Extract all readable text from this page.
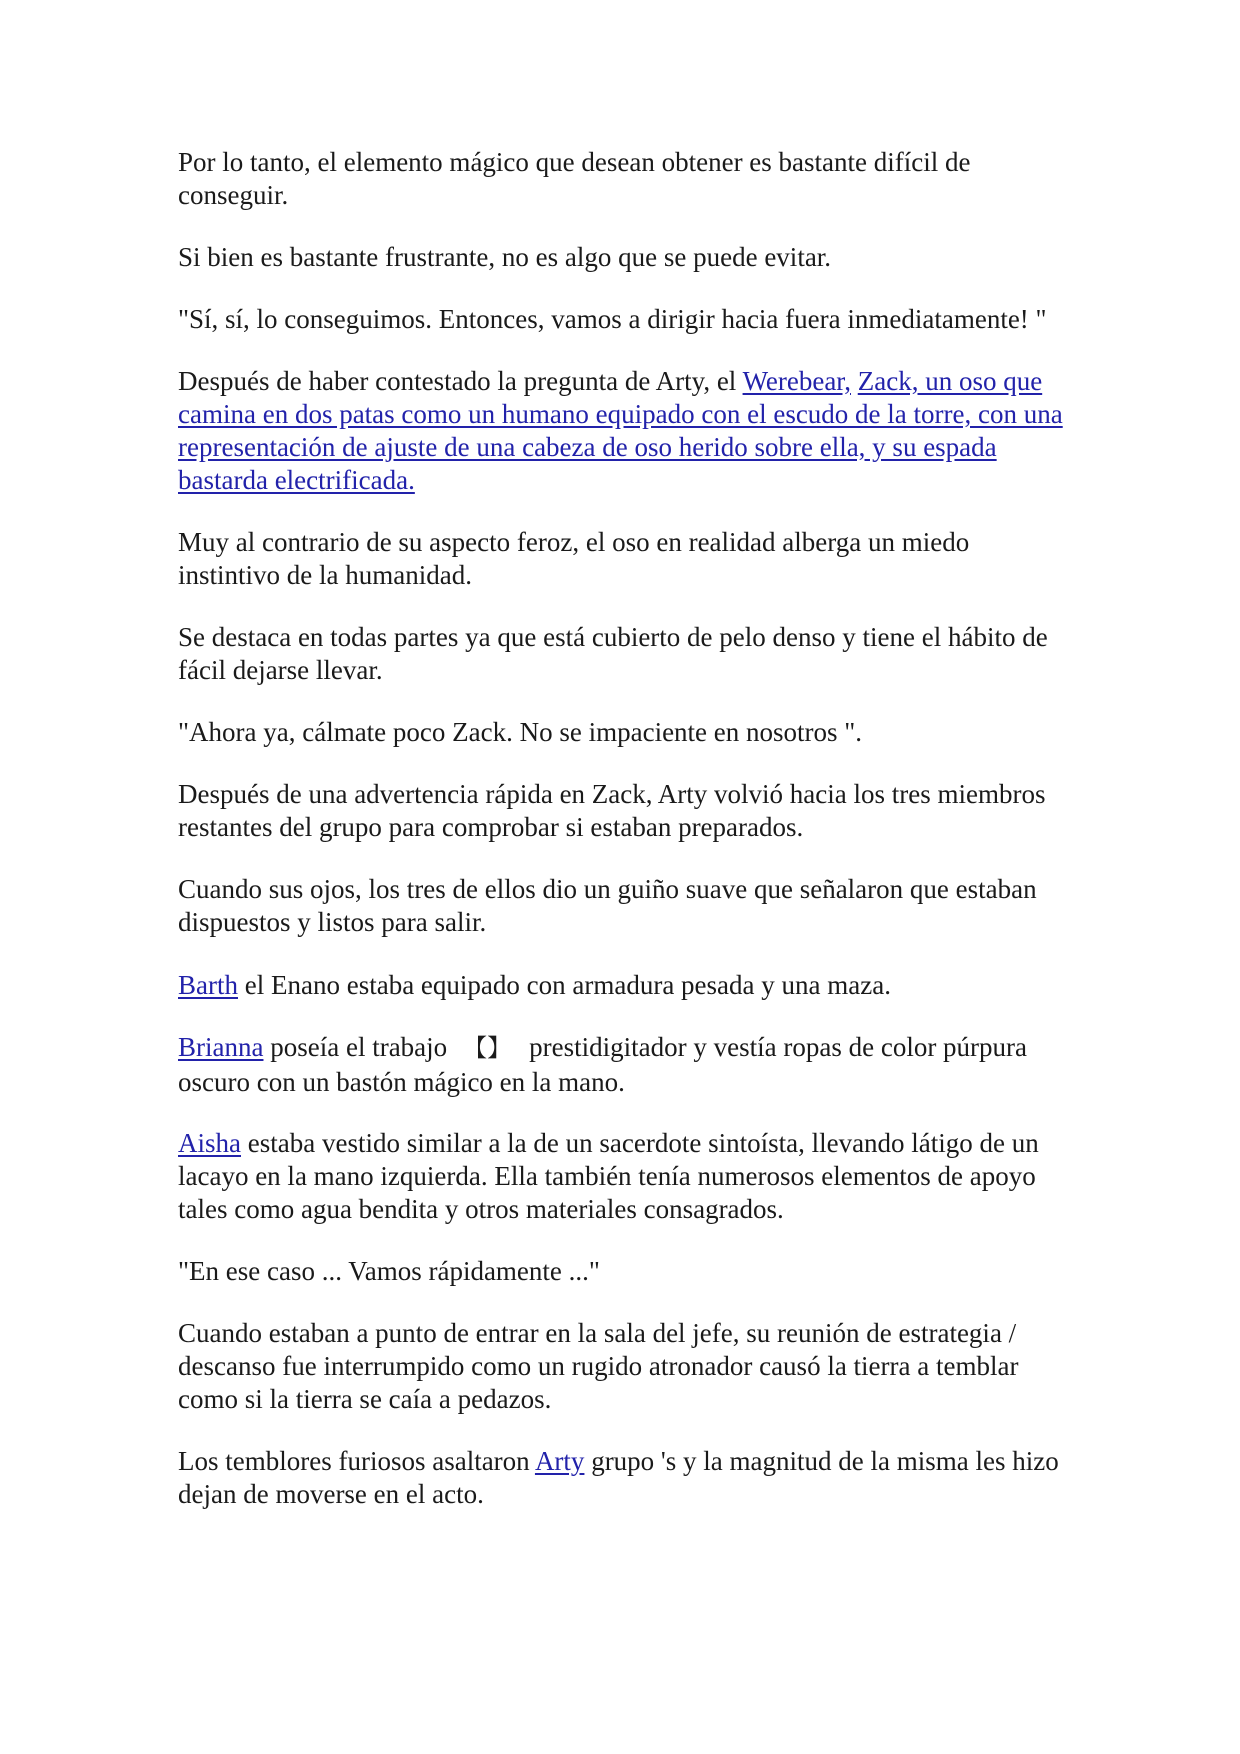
Por lo tanto, el elemento mágico que desean obtener es bastante difícil de conseguir.

Si bien es bastante frustrante, no es algo que se puede evitar.

"Sí, sí, lo conseguimos. Entonces, vamos a dirigir hacia fuera inmediatamente! "

Después de haber contestado la pregunta de Arty, el Werebear, Zack, un oso que camina en dos patas como un humano equipado con el escudo de la torre, con una representación de ajuste de una cabeza de oso herido sobre ella, y su espada bastarda electrificada.

Muy al contrario de su aspecto feroz, el oso en realidad alberga un miedo instintivo de la humanidad.

Se destaca en todas partes ya que está cubierto de pelo denso y tiene el hábito de fácil dejarse llevar.

"Ahora ya, cálmate poco Zack. No se impaciente en nosotros ".

Después de una advertencia rápida en Zack, Arty volvió hacia los tres miembros restantes del grupo para comprobar si estaban preparados.

Cuando sus ojos, los tres de ellos dio un guiño suave que señalaron que estaban dispuestos y listos para salir.

Barth el Enano estaba equipado con armadura pesada y una maza.

Brianna poseía el trabajo 【】 prestidigitador y vestía ropas de color púrpura oscuro con un bastón mágico en la mano.

Aisha estaba vestido similar a la de un sacerdote sintoísta, llevando látigo de un lacayo en la mano izquierda. Ella también tenía numerosos elementos de apoyo tales como agua bendita y otros materiales consagrados.

"En ese caso ... Vamos rápidamente ..."

Cuando estaban a punto de entrar en la sala del jefe, su reunión de estrategia / descanso fue interrumpido como un rugido atronador causó la tierra a temblar como si la tierra se caía a pedazos.

Los temblores furiosos asaltaron Arty grupo 's y la magnitud de la misma les hizo dejan de moverse en el acto.
